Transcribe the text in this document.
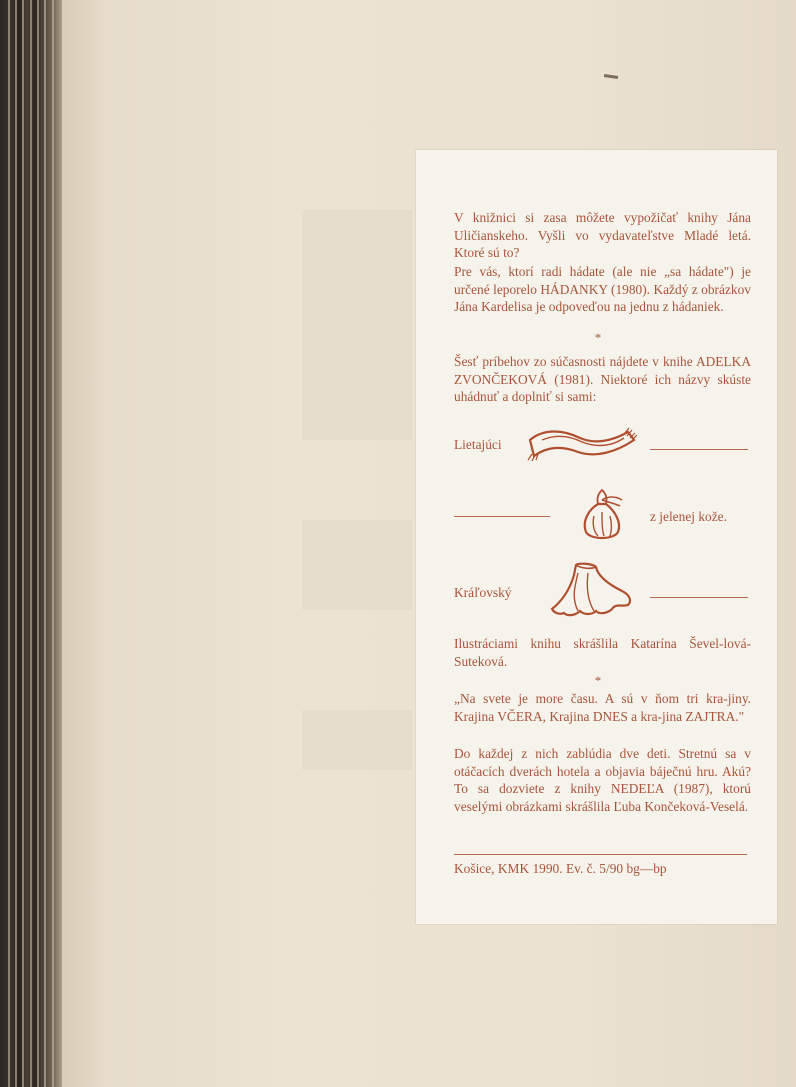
V knižnici si zasa môžete vypožičať knihy Jána Uličianskeho. Vyšli vo vydavateľstve Mladé letá. Ktoré sú to?

Pre vás, ktorí radi hádate (ale nie „sa hádate") je určené leporelo HÁDANKY (1980). Každý z obrázkov Jána Kardelisa je odpoveďou na jednu z hádaniek.

*

Šesť príbehov zo súčasnosti nájdete v knihe ADELKA ZVONČEKOVÁ (1981). Niektoré ich názvy skúste uhádnuť a doplniť si sami:

Lietajúci
z jelenej kože.
Kráľovský

Ilustráciami knihu skrášlila Katarína Ševel-lová-Suteková.

*

„Na svete je more času. A sú v ňom tri kra-jiny. Krajina VČERA, Krajina DNES a kra-jina ZAJTRA."

Do každej z nich zablúdia dve deti. Stretnú sa v otáčacích dverách hotela a objavia báječnú hru. Akú? To sa dozviete z knihy NEDEĽA (1987), ktorú veselými obrázkami skrášlila Ľuba Končeková-Veselá.

Košice, KMK 1990. Ev. č. 5/90 bg—bp
